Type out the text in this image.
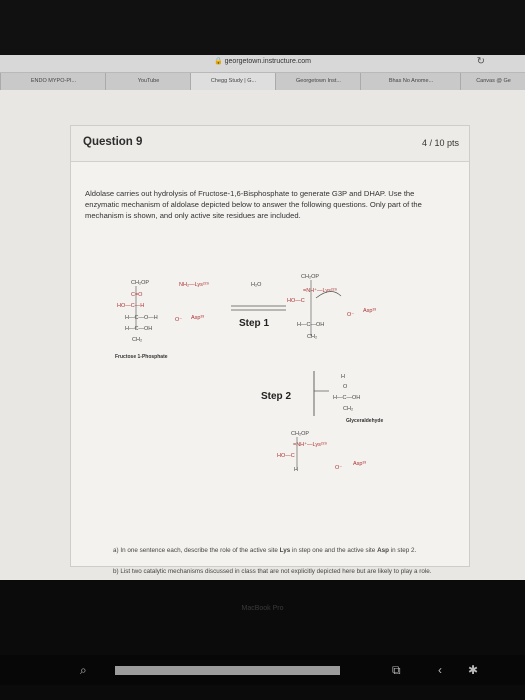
🔒 georgetown.instructure.com	↻
ENDO MYPO-PI...	YouTube	Chegg Study | G...	Georgetown Inst...	Bhas No Anome...	Canvas @ Ge
Question 9	4 / 10 pts
Aldolase carries out hydrolysis of Fructose-1,6-Bisphosphate to generate G3P and DHAP. Use the enzymatic mechanism of aldolase depicted below to answer the following questions. Only part of the mechanism is shown, and only active site residues are included.
CH₂OP	NH₂—Lys²²⁹
C=O
HO—C—H
H—C—O—H	O⁻ Asp³³
H—C—OH
CH₂
Fructose 1-Phosphate
H₂O
Step 1
CH₂OP
=NH⁺—Lys²²⁹
HO—C
O⁻
Asp³³
H—C—OH
CH₂
Step 2
H
O
H—C—OH
CH₂
Glyceraldehyde
CH₂OP
=NH⁺—Lys²²⁹
HO—C
O⁻
Asp³³
H
a) In one sentence each, describe the role of the active site Lys in step one and the active site Asp in step 2.
b) List two catalytic mechanisms discussed in class that are not explicitly depicted here but are likely to play a role.
MacBook Pro
⌕	⧉	‹ ✱
